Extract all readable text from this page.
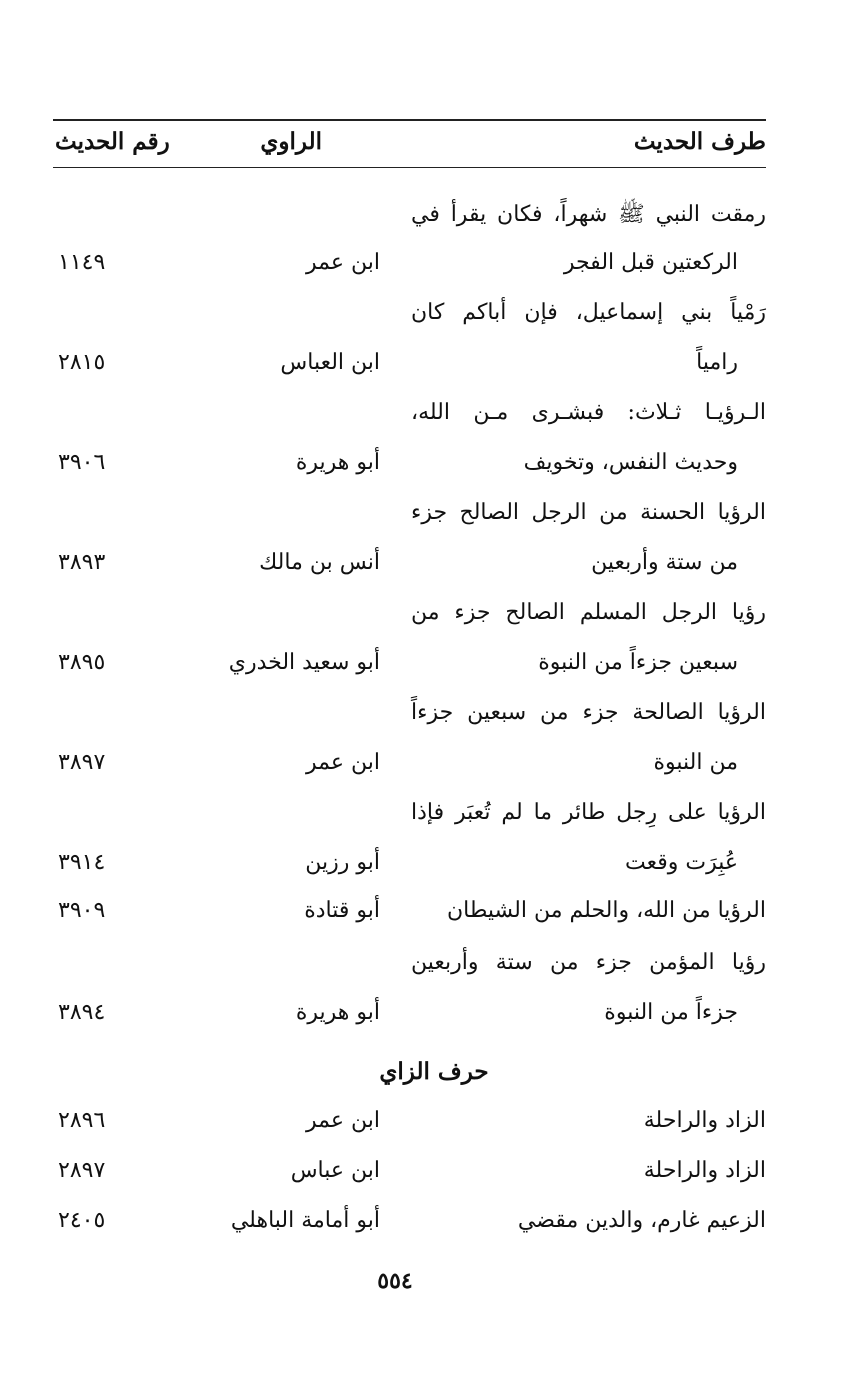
طرف الحديث
الراوي
رقم الحديث
رمقت النبي ﷺ شهراً، فكان يقرأ في
الركعتين قبل الفجر
ابن عمر
١١٤٩
رَمْياً بني إسماعيل، فإن أباكم كان
رامياً
ابن العباس
٢٨١٥
الـرؤيـا ثـلاث: فبشـرى مـن الله،
وحديث النفس، وتخويف
أبو هريرة
٣٩٠٦
الرؤيا الحسنة من الرجل الصالح جزء
من ستة وأربعين
أنس بن مالك
٣٨٩٣
رؤيا الرجل المسلم الصالح جزء من
سبعين جزءاً من النبوة
أبو سعيد الخدري
٣٨٩٥
الرؤيا الصالحة جزء من سبعين جزءاً
من النبوة
ابن عمر
٣٨٩٧
الرؤيا على رِجل طائر ما لم تُعبَر فإذا
عُبِرَت وقعت
أبو رزين
٣٩١٤
الرؤيا من الله، والحلم من الشيطان
أبو قتادة
٣٩٠٩
رؤيا المؤمن جزء من ستة وأربعين
جزءاً من النبوة
أبو هريرة
٣٨٩٤
حرف الزاي
الزاد والراحلة
ابن عمر
٢٨٩٦
الزاد والراحلة
ابن عباس
٢٨٩٧
الزعيم غارم، والدين مقضي
أبو أمامة الباهلي
٢٤٠٥
٥٥٤
